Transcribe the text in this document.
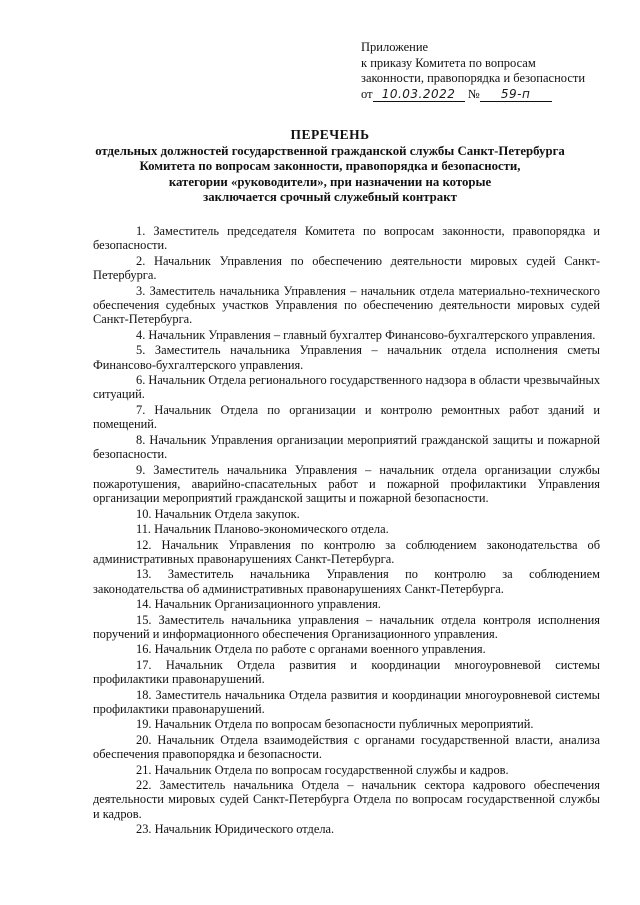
Приложение
к приказу Комитета по вопросам
законности, правопорядка и безопасности
от 10.03.2022 № 59-п
ПЕРЕЧЕНЬ
отдельных должностей государственной гражданской службы Санкт-Петербурга
Комитета по вопросам законности, правопорядка и безопасности,
категории «руководители», при назначении на которые
заключается срочный служебный контракт

1. Заместитель председателя Комитета по вопросам законности, правопорядка и безопасности.

2. Начальник Управления по обеспечению деятельности мировых судей Санкт-Петербурга.

3. Заместитель начальника Управления – начальник отдела материально-технического обеспечения судебных участков Управления по обеспечению деятельности мировых судей Санкт-Петербурга.

4. Начальник Управления – главный бухгалтер Финансово-бухгалтерского управления.

5. Заместитель начальника Управления – начальник отдела исполнения сметы Финансово-бухгалтерского управления.

6. Начальник Отдела регионального государственного надзора в области чрезвычайных ситуаций.

7. Начальник Отдела по организации и контролю ремонтных работ зданий и помещений.

8. Начальник Управления организации мероприятий гражданской защиты и пожарной безопасности.

9. Заместитель начальника Управления – начальник отдела организации службы пожаротушения, аварийно-спасательных работ и пожарной профилактики Управления организации мероприятий гражданской защиты и пожарной безопасности.

10. Начальник Отдела закупок.

11. Начальник Планово-экономического отдела.

12. Начальник Управления по контролю за соблюдением законодательства об административных правонарушениях Санкт-Петербурга.

13. Заместитель начальника Управления по контролю за соблюдением законодательства об административных правонарушениях Санкт-Петербурга.

14. Начальник Организационного управления.

15. Заместитель начальника управления – начальник отдела контроля исполнения поручений и информационного обеспечения Организационного управления.

16. Начальник Отдела по работе с органами военного управления.

17. Начальник Отдела развития и координации многоуровневой системы профилактики правонарушений.

18. Заместитель начальника Отдела развития и координации многоуровневой системы профилактики правонарушений.

19. Начальник Отдела по вопросам безопасности публичных мероприятий.

20. Начальник Отдела взаимодействия с органами государственной власти, анализа обеспечения правопорядка и безопасности.

21. Начальник Отдела по вопросам государственной службы и кадров.

22. Заместитель начальника Отдела – начальник сектора кадрового обеспечения деятельности мировых судей Санкт-Петербурга Отдела по вопросам государственной службы и кадров.

23. Начальник Юридического отдела.
